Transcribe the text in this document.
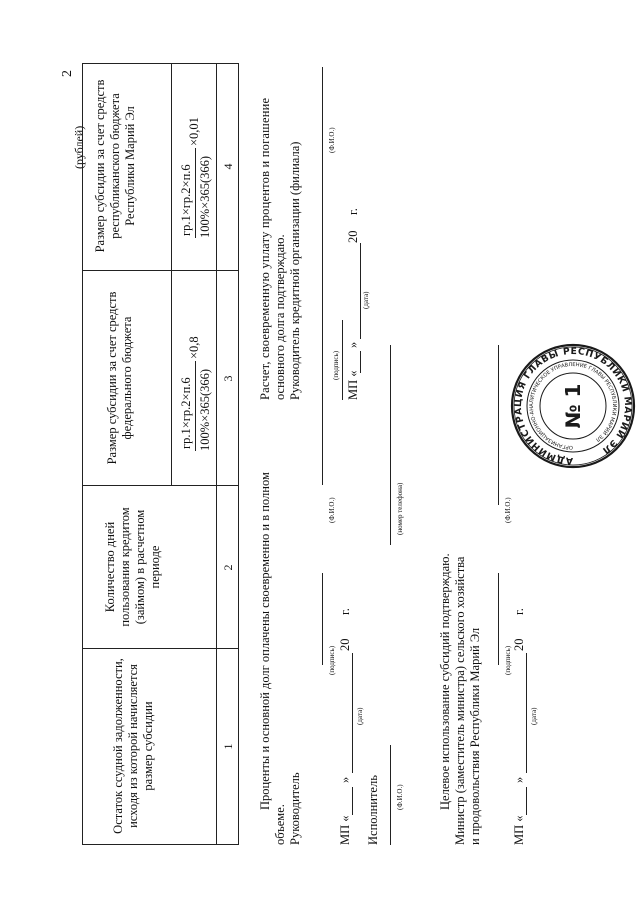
2
(рублей)
Остаток ссудной задолженности, исходя из которой начисляется размер субсидии
Количество дней пользования кредитом (займом) в расчетном периоде
Размер субсидии за счет средств федерального бюджета
Размер субсидии за счет средств республиканского бюджета Республики Марий Эл
гр.1×гр.2×п.6 100%×365(366)
×0,8
гр.1×гр.2×п.6 100%×365(366)
×0,01
1
2
3
4
Проценты и основной долг оплачены своевременно и в полном
объеме. Руководитель
(подпись)
(Ф.И.О.)
МП «
»
20
г.
(дата)
Исполнитель (Ф.И.О.)
(номер телефона)
Целевое использование субсидий подтверждаю. Министр (заместитель министра) сельского хозяйства и продовольствия Республики Марий Эл	(подпись)
(Ф.И.О.)
МП «
»
20
г.
(дата)
Расчет, своевременную уплату процентов и погашение основного долга подтверждаю. Руководитель кредитной организации (филиала)
(Ф.И.О.)
(подпись)
МП «
»
(дата)
20
г.
АДМИНИСТРАЦИЯ ГЛАВЫ РЕСПУБЛИКИ МАРИЙ ЭЛ
ОРГАНИЗАЦИОННО-АНАЛИТИЧЕСКОЕ УПРАВЛЕНИЕ ГЛАВЫ РЕСПУБЛИКИ МАРИЙ ЭЛ
№ 1
